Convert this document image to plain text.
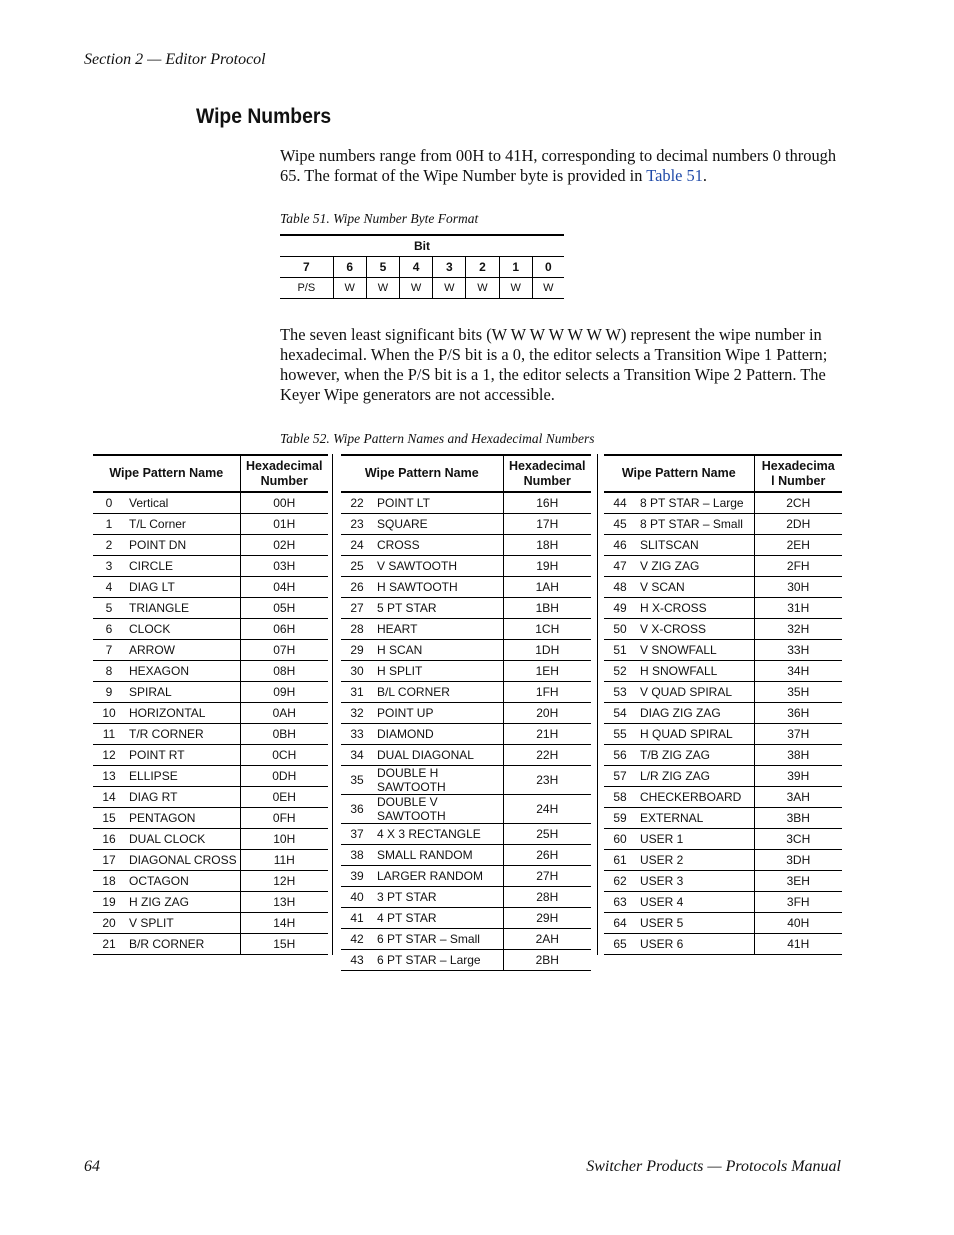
Section 2 — Editor Protocol
Wipe Numbers
Wipe numbers range from 00H to 41H, corresponding to decimal numbers 0 through 65. The format of the Wipe Number byte is provided in Table 51.
Table 51. Wipe Number Byte Format
Bit							
7	6	5	4	3	2	1	0
P/S	W	W	W	W	W	W	W
The seven least significant bits (W W W W W W W) represent the wipe number in hexadecimal. When the P/S bit is a 0, the editor selects a Transition Wipe 1 Pattern; however, when the P/S bit is a 1, the editor selects a Transition Wipe 2 Pattern. The Keyer Wipe generators are not accessible.
Table 52. Wipe Pattern Names and Hexadecimal Numbers
Wipe Pattern Name		Hexadecimal
Number

0	Vertical	00H
1	T/L Corner	01H
2	POINT DN	02H
3	CIRCLE	03H
4	DIAG LT	04H
5	TRIANGLE	05H
6	CLOCK	06H
7	ARROW	07H
8	HEXAGON	08H
9	SPIRAL	09H
10	HORIZONTAL	0AH
11	T/R CORNER	0BH
12	POINT RT	0CH
13	ELLIPSE	0DH
14	DIAG RT	0EH
15	PENTAGON	0FH
16	DUAL CLOCK	10H
17	DIAGONAL CROSS	11H
18	OCTAGON	12H
19	H ZIG ZAG	13H
20	V SPLIT	14H
21	B/R CORNER	15H
Wipe Pattern Name		Hexadecimal
Number

22	POINT LT	16H
23	SQUARE	17H
24	CROSS	18H
25	V SAWTOOTH	19H
26	H SAWTOOTH	1AH
27	5 PT STAR	1BH
28	HEART	1CH
29	H SCAN	1DH
30	H SPLIT	1EH
31	B/L CORNER	1FH
32	POINT UP	20H
33	DIAMOND	21H
34	DUAL DIAGONAL	22H
35	DOUBLE H SAWTOOTH	23H
36	DOUBLE V SAWTOOTH	24H
37	4 X 3 RECTANGLE	25H
38	SMALL RANDOM	26H
39	LARGER RANDOM	27H
40	3 PT STAR	28H
41	4 PT STAR	29H
42	6 PT STAR – Small	2AH
43	6 PT STAR – Large	2BH
Wipe Pattern Name		Hexadecima
l Number

44	8 PT STAR – Large	2CH
45	8 PT STAR – Small	2DH
46	SLITSCAN	2EH
47	V ZIG ZAG	2FH
48	V SCAN	30H
49	H X-CROSS	31H
50	V X-CROSS	32H
51	V SNOWFALL	33H
52	H SNOWFALL	34H
53	V QUAD SPIRAL	35H
54	DIAG ZIG ZAG	36H
55	H QUAD SPIRAL	37H
56	T/B ZIG ZAG	38H
57	L/R ZIG ZAG	39H
58	CHECKERBOARD	3AH
59	EXTERNAL	3BH
60	USER 1	3CH
61	USER 2	3DH
62	USER 3	3EH
63	USER 4	3FH
64	USER 5	40H
65	USER 6	41H
64	Switcher Products — Protocols Manual
